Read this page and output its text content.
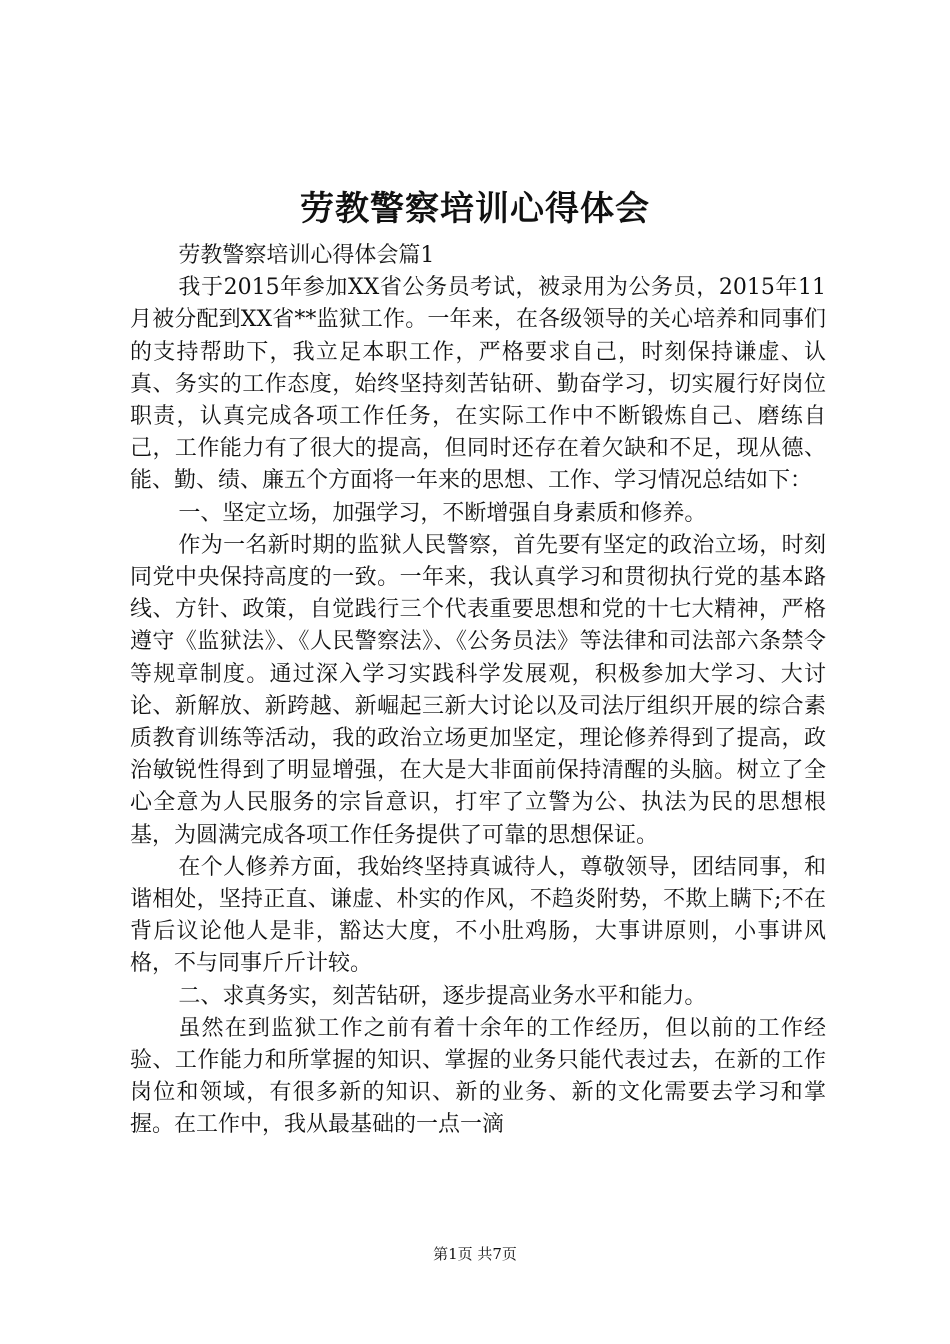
劳教警察培训心得体会

劳教警察培训心得体会篇1

我于2015年参加XX省公务员考试，被录用为公务员，2015年11月被分配到XX省**监狱工作。一年来，在各级领导的关心培养和同事们的支持帮助下，我立足本职工作，严格要求自己，时刻保持谦虚、认真、务实的工作态度，始终坚持刻苦钻研、勤奋学习，切实履行好岗位职责，认真完成各项工作任务，在实际工作中不断锻炼自己、磨练自己，工作能力有了很大的提高，但同时还存在着欠缺和不足，现从德、能、勤、绩、廉五个方面将一年来的思想、工作、学习情况总结如下：

一、坚定立场，加强学习，不断增强自身素质和修养。

作为一名新时期的监狱人民警察，首先要有坚定的政治立场，时刻同党中央保持高度的一致。一年来，我认真学习和贯彻执行党的基本路线、方针、政策，自觉践行三个代表重要思想和党的十七大精神，严格遵守《监狱法》、《人民警察法》、《公务员法》等法律和司法部六条禁令等规章制度。通过深入学习实践科学发展观，积极参加大学习、大讨论、新解放、新跨越、新崛起三新大讨论以及司法厅组织开展的综合素质教育训练等活动，我的政治立场更加坚定，理论修养得到了提高，政治敏锐性得到了明显增强，在大是大非面前保持清醒的头脑。树立了全心全意为人民服务的宗旨意识，打牢了立警为公、执法为民的思想根基，为圆满完成各项工作任务提供了可靠的思想保证。

在个人修养方面，我始终坚持真诚待人，尊敬领导，团结同事，和谐相处，坚持正直、谦虚、朴实的作风，不趋炎附势，不欺上瞒下;不在背后议论他人是非，豁达大度，不小肚鸡肠，大事讲原则，小事讲风格，不与同事斤斤计较。

二、求真务实，刻苦钻研，逐步提高业务水平和能力。

虽然在到监狱工作之前有着十余年的工作经历，但以前的工作经验、工作能力和所掌握的知识、掌握的业务只能代表过去，在新的工作岗位和领域，有很多新的知识、新的业务、新的文化需要去学习和掌握。在工作中，我从最基础的一点一滴

第1页 共7页
